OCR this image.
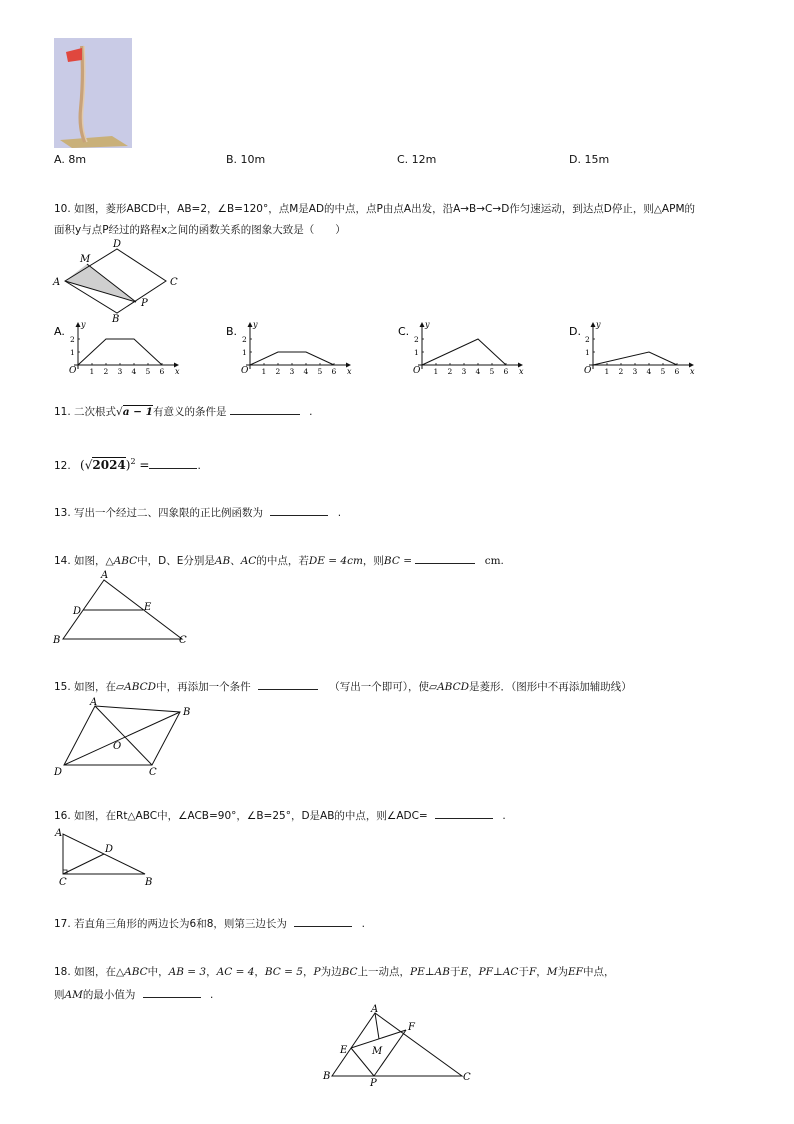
A. 8m	B. 10m	C. 12m	D. 15m
10. 如图，菱形ABCD中，AB=2，∠B=120°，点M是AD的中点，点P由点A出发，沿A→B→C→D作匀速运动，到达点D停止，则△APM的
面积y与点P经过的路程x之间的函数关系的图象大致是（　　）
A
B
C
D
M
P
A.
y
x
O 1 2 3 4 5 6
1
2
B.
y
x
O 1 2 3 4 5 6
1
2
C.
y
x
O 1 2 3 4 5 6
1
2
D.
y
x
O 1 2 3 4 5 6
1
2
11. 二次根式√a − 1有意义的条件是	.
12. $(√2024)^2$ =	.
13. 写出一个经过二、四象限的正比例函数为	.
14. 如图，△ABC中，D、E分别是AB、AC的中点，若DE = 4cm，则BC =	cm.
A
B	C
D	E
15. 如图，在▱ABCD中，再添加一个条件	（写出一个即可），使▱ABCD是菱形．（图形中不再添加辅助线）
A
B
C
D
O
16. 如图，在Rt△ABC中，∠ACB=90°，∠B=25°，D是AB的中点，则∠ADC=	.
A
B
C
D
17. 若直角三角形的两边长为6和8，则第三边长为	.
18. 如图，在△ABC中，AB = 3，AC = 4，BC = 5，P为边BC上一动点，PE⊥AB于E，PF⊥AC于F，M为EF中点，
则AM的最小值为	.
A
B	C
E
F
M
P
